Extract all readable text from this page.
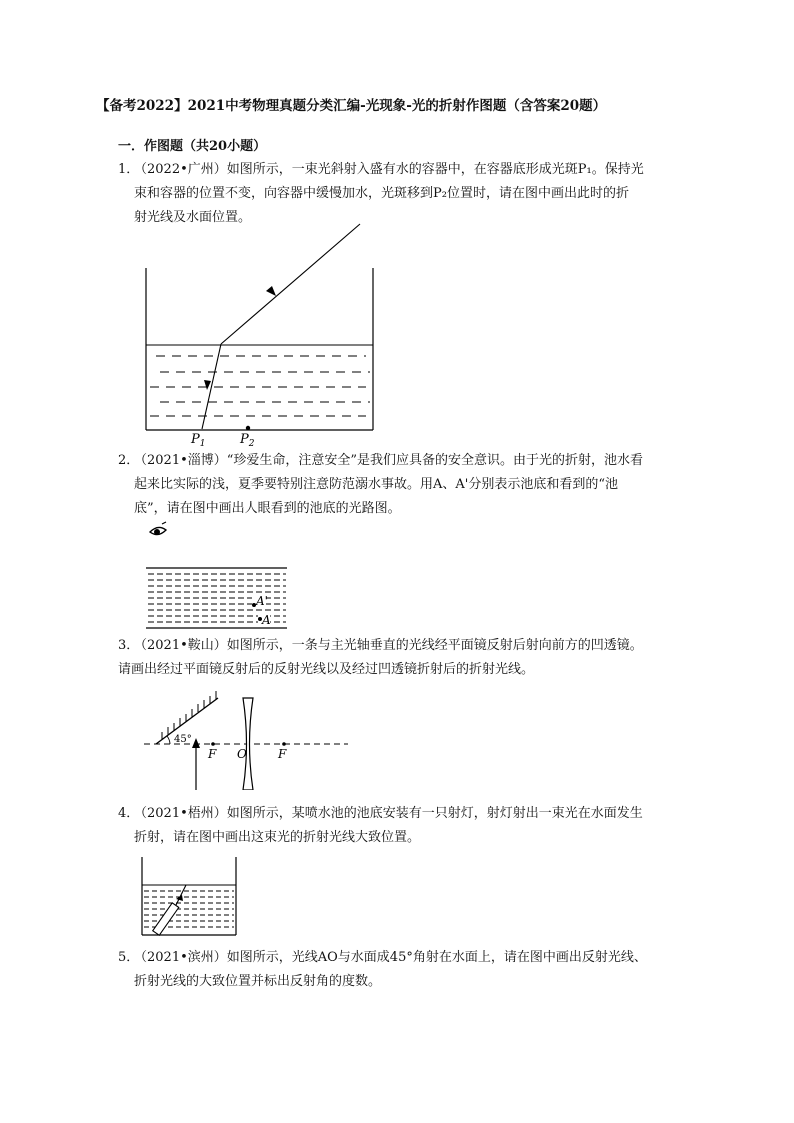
【备考2022】2021中考物理真题分类汇编-光现象-光的折射作图题（含答案20题）
一．作图题（共20小题）
1．（2022•广州）如图所示，一束光斜射入盛有水的容器中，在容器底形成光斑P₁。保持光
束和容器的位置不变，向容器中缓慢加水，光斑移到P₂位置时，请在图中画出此时的折
射光线及水面位置。
$P_1$	$P_2$
2．（2021•淄博）“珍爱生命，注意安全”是我们应具备的安全意识。由于光的折射，池水看
起来比实际的浅，夏季要特别注意防范溺水事故。用A、A'分别表示池底和看到的“池
底”，请在图中画出人眼看到的池底的光路图。
A'
A
3．（2021•鞍山）如图所示，一条与主光轴垂直的光线经平面镜反射后射向前方的凹透镜。
请画出经过平面镜反射后的反射光线以及经过凹透镜折射后的折射光线。
45°
F	F
O
4．（2021•梧州）如图所示，某喷水池的池底安装有一只射灯，射灯射出一束光在水面发生
折射，请在图中画出这束光的折射光线大致位置。
5．（2021•滨州）如图所示，光线AO与水面成45°角射在水面上，请在图中画出反射光线、
折射光线的大致位置并标出反射角的度数。
